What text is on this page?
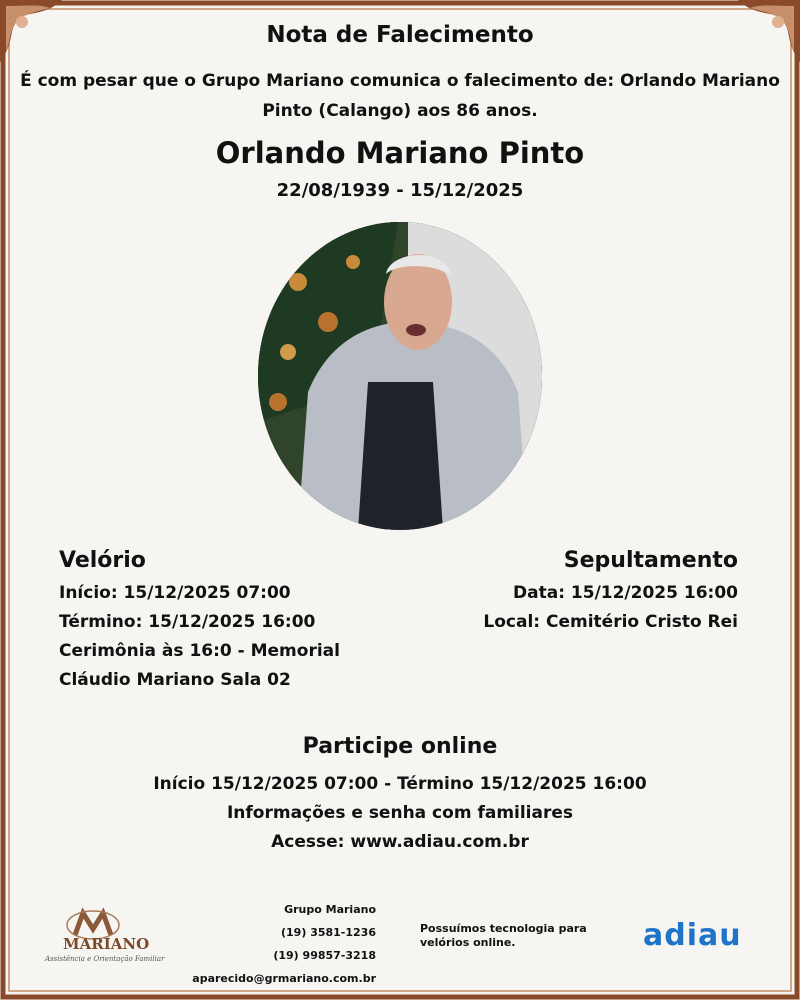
Nota de Falecimento
É com pesar que o Grupo Mariano comunica o falecimento de: Orlando Mariano Pinto (Calango) aos 86 anos.
Orlando Mariano Pinto
22/08/1939 - 15/12/2025
Velório
Início: 15/12/2025 07:00
Término: 15/12/2025 16:00
Cerimônia às 16:0 - Memorial
Cláudio Mariano Sala 02
Sepultamento
Data: 15/12/2025 16:00
Local: Cemitério Cristo Rei
Participe online
Início 15/12/2025 07:00 - Término 15/12/2025 16:00
Informações e senha com familiares
Acesse: www.adiau.com.br
MARIANO
Assistência e Orientação Familiar
Grupo Mariano
(19) 3581-1236
(19) 99857-3218
aparecido@grmariano.com.br
Possuímos tecnologia para velórios online.	adiau
